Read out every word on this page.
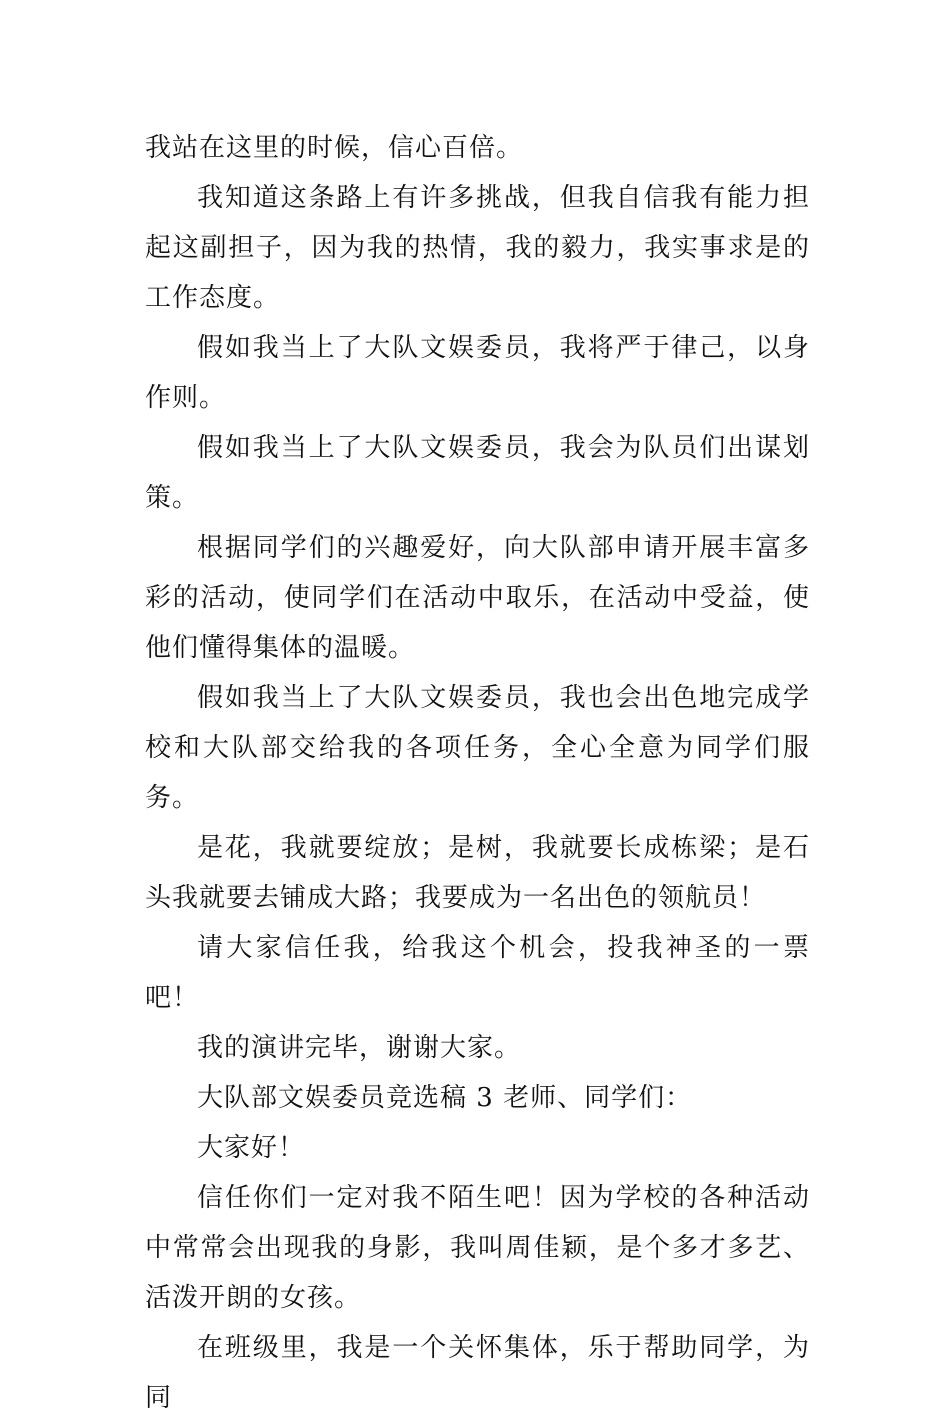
我站在这里的时候，信心百倍。

我知道这条路上有许多挑战，但我自信我有能力担起这副担子，因为我的热情，我的毅力，我实事求是的工作态度。

假如我当上了大队文娱委员，我将严于律己，以身作则。

假如我当上了大队文娱委员，我会为队员们出谋划策。

根据同学们的兴趣爱好，向大队部申请开展丰富多彩的活动，使同学们在活动中取乐，在活动中受益，使他们懂得集体的温暖。

假如我当上了大队文娱委员，我也会出色地完成学校和大队部交给我的各项任务，全心全意为同学们服务。

是花，我就要绽放；是树，我就要长成栋梁；是石头我就要去铺成大路；我要成为一名出色的领航员！

请大家信任我，给我这个机会，投我神圣的一票吧！

我的演讲完毕，谢谢大家。

大队部文娱委员竞选稿 3 老师、同学们：

大家好！

信任你们一定对我不陌生吧！因为学校的各种活动中常常会出现我的身影，我叫周佳颖，是个多才多艺、活泼开朗的女孩。

在班级里，我是一个关怀集体，乐于帮助同学，为同
